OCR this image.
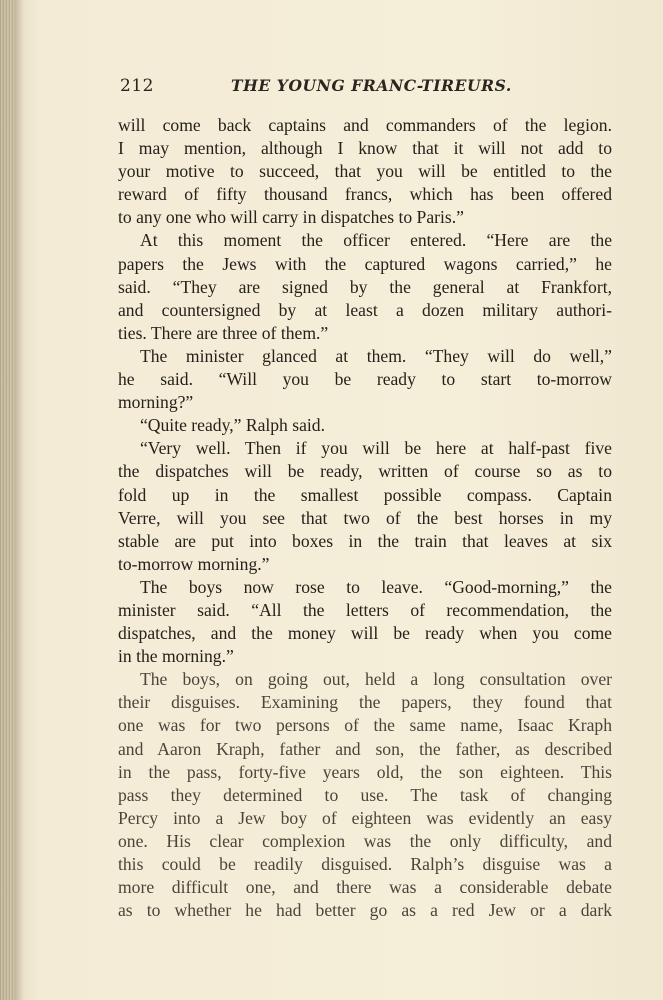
212	THE YOUNG FRANC-TIREURS.
will come back captains and commanders of the legion.
I may mention, although I know that it will not add to
your motive to succeed, that you will be entitled to the
reward of fifty thousand francs, which has been offered
to any one who will carry in dispatches to Paris.”
At this moment the officer entered. “Here are the
papers the Jews with the captured wagons carried,” he
said. “They are signed by the general at Frankfort,
and countersigned by at least a dozen military authori-
ties. There are three of them.”
The minister glanced at them. “They will do well,”
he said. “Will you be ready to start to-morrow
morning?”
“Quite ready,” Ralph said.
“Very well. Then if you will be here at half-past five
the dispatches will be ready, written of course so as to
fold up in the smallest possible compass. Captain
Verre, will you see that two of the best horses in my
stable are put into boxes in the train that leaves at six
to-morrow morning.”
The boys now rose to leave. “Good-morning,” the
minister said. “All the letters of recommendation, the
dispatches, and the money will be ready when you come
in the morning.”
The boys, on going out, held a long consultation over
their disguises. Examining the papers, they found that
one was for two persons of the same name, Isaac Kraph
and Aaron Kraph, father and son, the father, as described
in the pass, forty-five years old, the son eighteen. This
pass they determined to use. The task of changing
Percy into a Jew boy of eighteen was evidently an easy
one. His clear complexion was the only difficulty, and
this could be readily disguised. Ralph’s disguise was a
more difficult one, and there was a considerable debate
as to whether he had better go as a red Jew or a dark
